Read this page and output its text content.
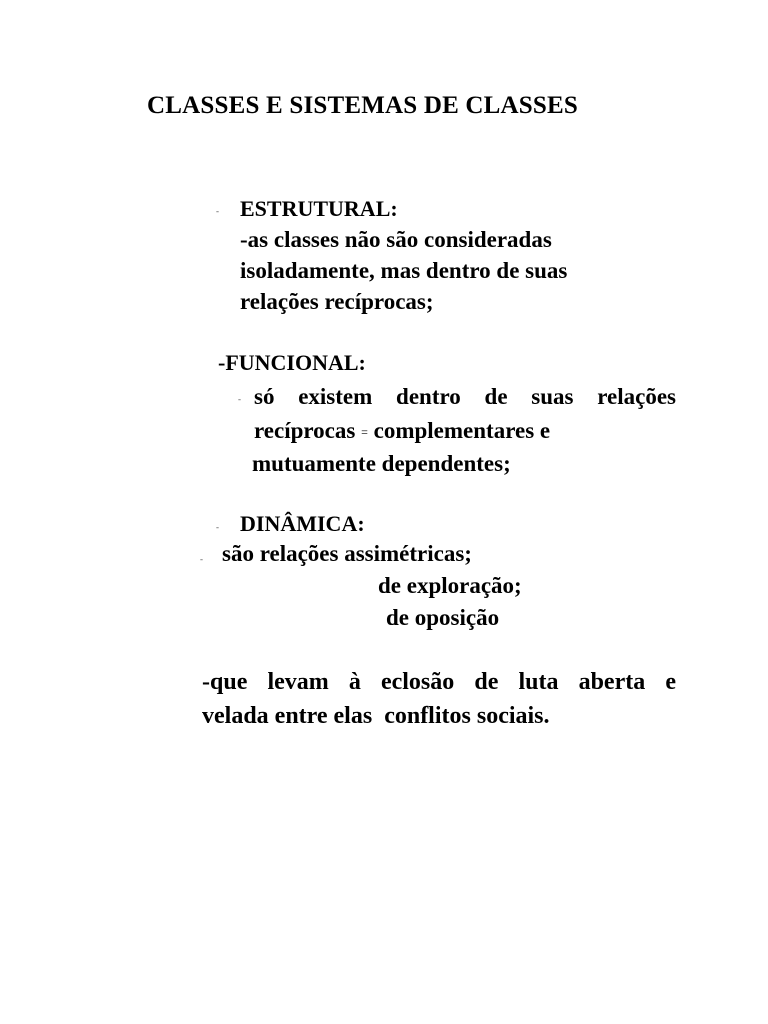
CLASSES E SISTEMAS DE CLASSES
- ESTRUTURAL:
-as classes não são consideradas
isoladamente, mas dentro de suas
relações recíprocas;
-FUNCIONAL:
- só existem dentro de suas relações
recíprocas = complementares e
mutuamente dependentes;
- DINÂMICA:
- são relações assimétricas;
de exploração;
de oposição
-que levam à eclosão de luta aberta e
velada entre elas  conflitos sociais.
